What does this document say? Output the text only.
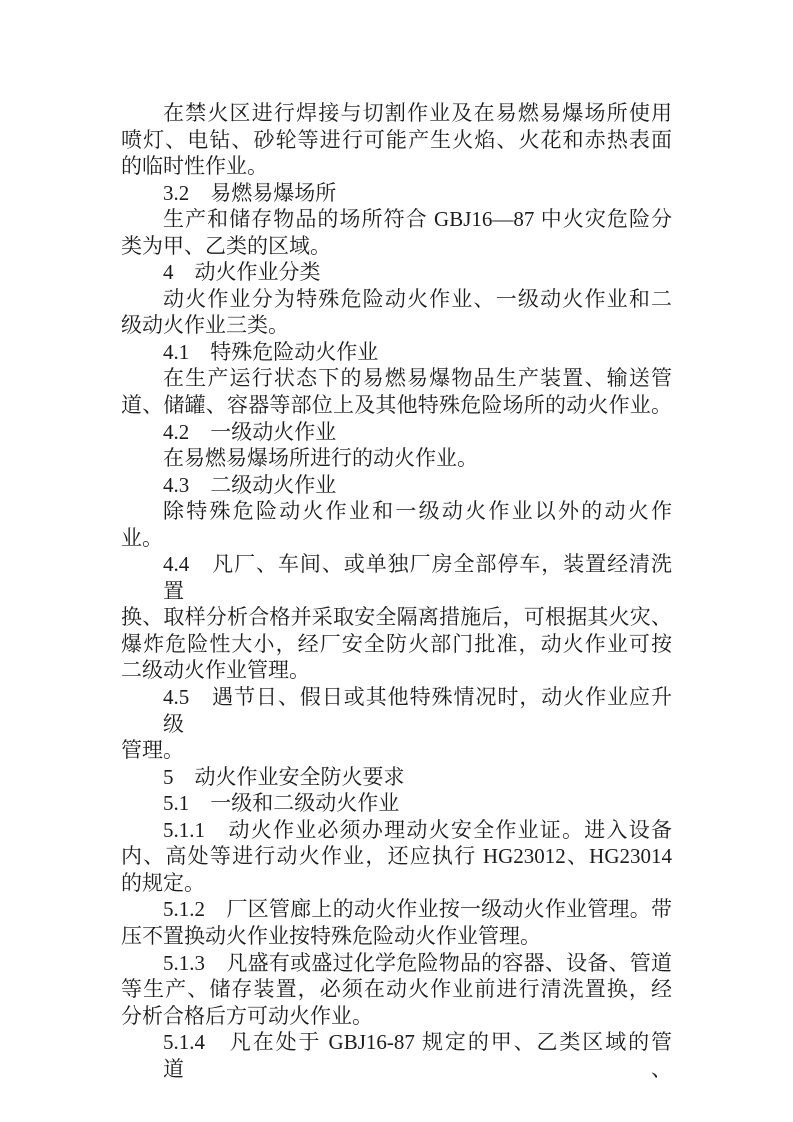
在禁火区进行焊接与切割作业及在易燃易爆场所使用
喷灯、电钻、砂轮等进行可能产生火焰、火花和赤热表面
的临时性作业。
3.2　易燃易爆场所
生产和储存物品的场所符合 GBJ16—87 中火灾危险分
类为甲、乙类的区域。
4　动火作业分类
动火作业分为特殊危险动火作业、一级动火作业和二
级动火作业三类。
4.1　特殊危险动火作业
在生产运行状态下的易燃易爆物品生产装置、输送管
道、储罐、容器等部位上及其他特殊危险场所的动火作业。
4.2　一级动火作业
在易燃易爆场所进行的动火作业。
4.3　二级动火作业
除特殊危险动火作业和一级动火作业以外的动火作
业。
4.4　凡厂、车间、或单独厂房全部停车，装置经清洗置
换、取样分析合格并采取安全隔离措施后，可根据其火灾、
爆炸危险性大小，经厂安全防火部门批准，动火作业可按
二级动火作业管理。
4.5　遇节日、假日或其他特殊情况时，动火作业应升级
管理。
5　动火作业安全防火要求
5.1　一级和二级动火作业
5.1.1　动火作业必须办理动火安全作业证。进入设备
内、高处等进行动火作业，还应执行 HG23012、HG23014
的规定。
5.1.2　厂区管廊上的动火作业按一级动火作业管理。带
压不置换动火作业按特殊危险动火作业管理。
5.1.3　凡盛有或盛过化学危险物品的容器、设备、管道
等生产、储存装置，必须在动火作业前进行清洗置换，经
分析合格后方可动火作业。
5.1.4　凡在处于 GBJ16-87 规定的甲、乙类区域的管道、
